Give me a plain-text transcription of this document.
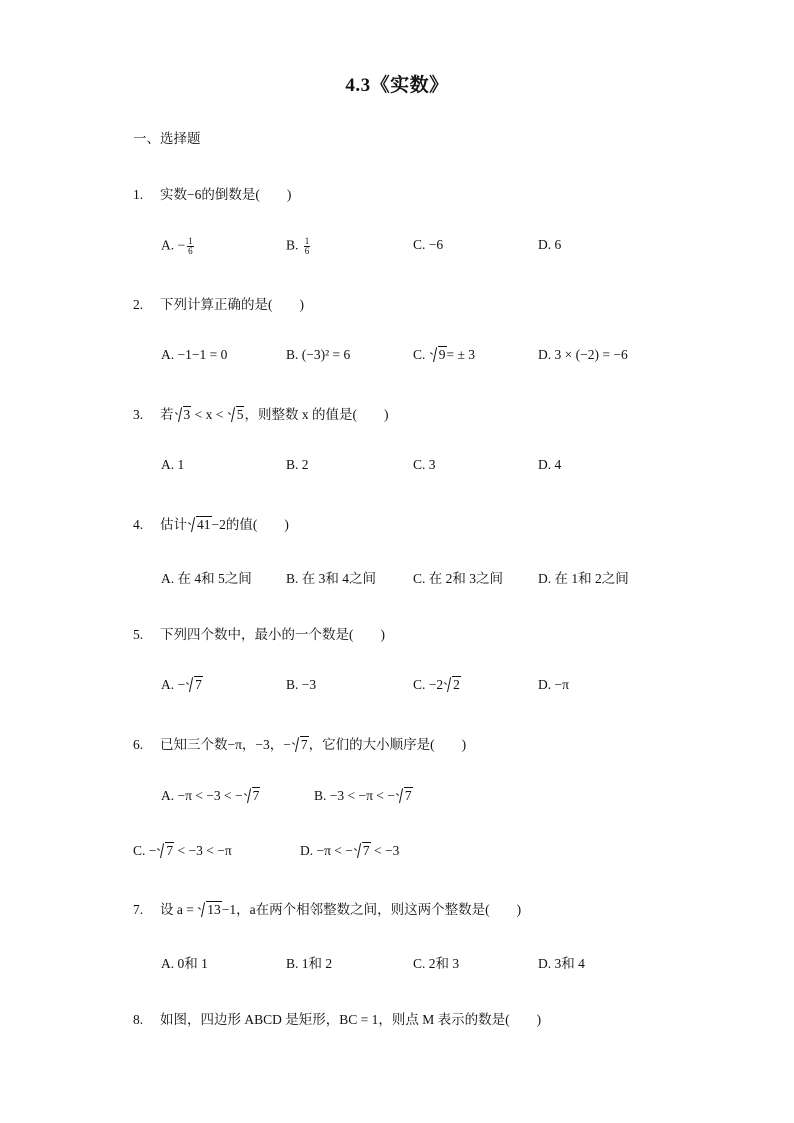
4.3《实数》
一、选择题
1. 实数−6的倒数是(　　)
A. − $\frac{1}{6}$	B. $\frac{1}{6}$	C. −6	D. 6
2. 下列计算正确的是(　　)
A. −1−1 = 0	B. (−3)² = 6	C. 9= ± 3	D. 3 × (−2) = −6
3. 若 3 < x < 5，则整数 x 的值是(　　)
A. 1	B. 2	C. 3	D. 4
4. 估计 41−2的值(　　)
A. 在 4和 5之间	B. 在 3和 4之间	C. 在 2和 3之间	D. 在 1和 2之间
5. 下列四个数中，最小的一个数是(　　)
A. − 7	B. −3	C. −2 2	D. −π
6. 已知三个数−π，−3，− 7，它们的大小顺序是(　　)
A. −π < −3 < − 7	B. −3 < −π < − 7
C. − 7 < −3 < −π	D. −π < − 7 < −3
7. 设 a = 13−1，a在两个相邻整数之间，则这两个整数是(　　)
A. 0和 1	B. 1和 2	C. 2和 3	D. 3和 4
8. 如图，四边形 ABCD 是矩形，BC = 1，则点 M 表示的数是(　　)
